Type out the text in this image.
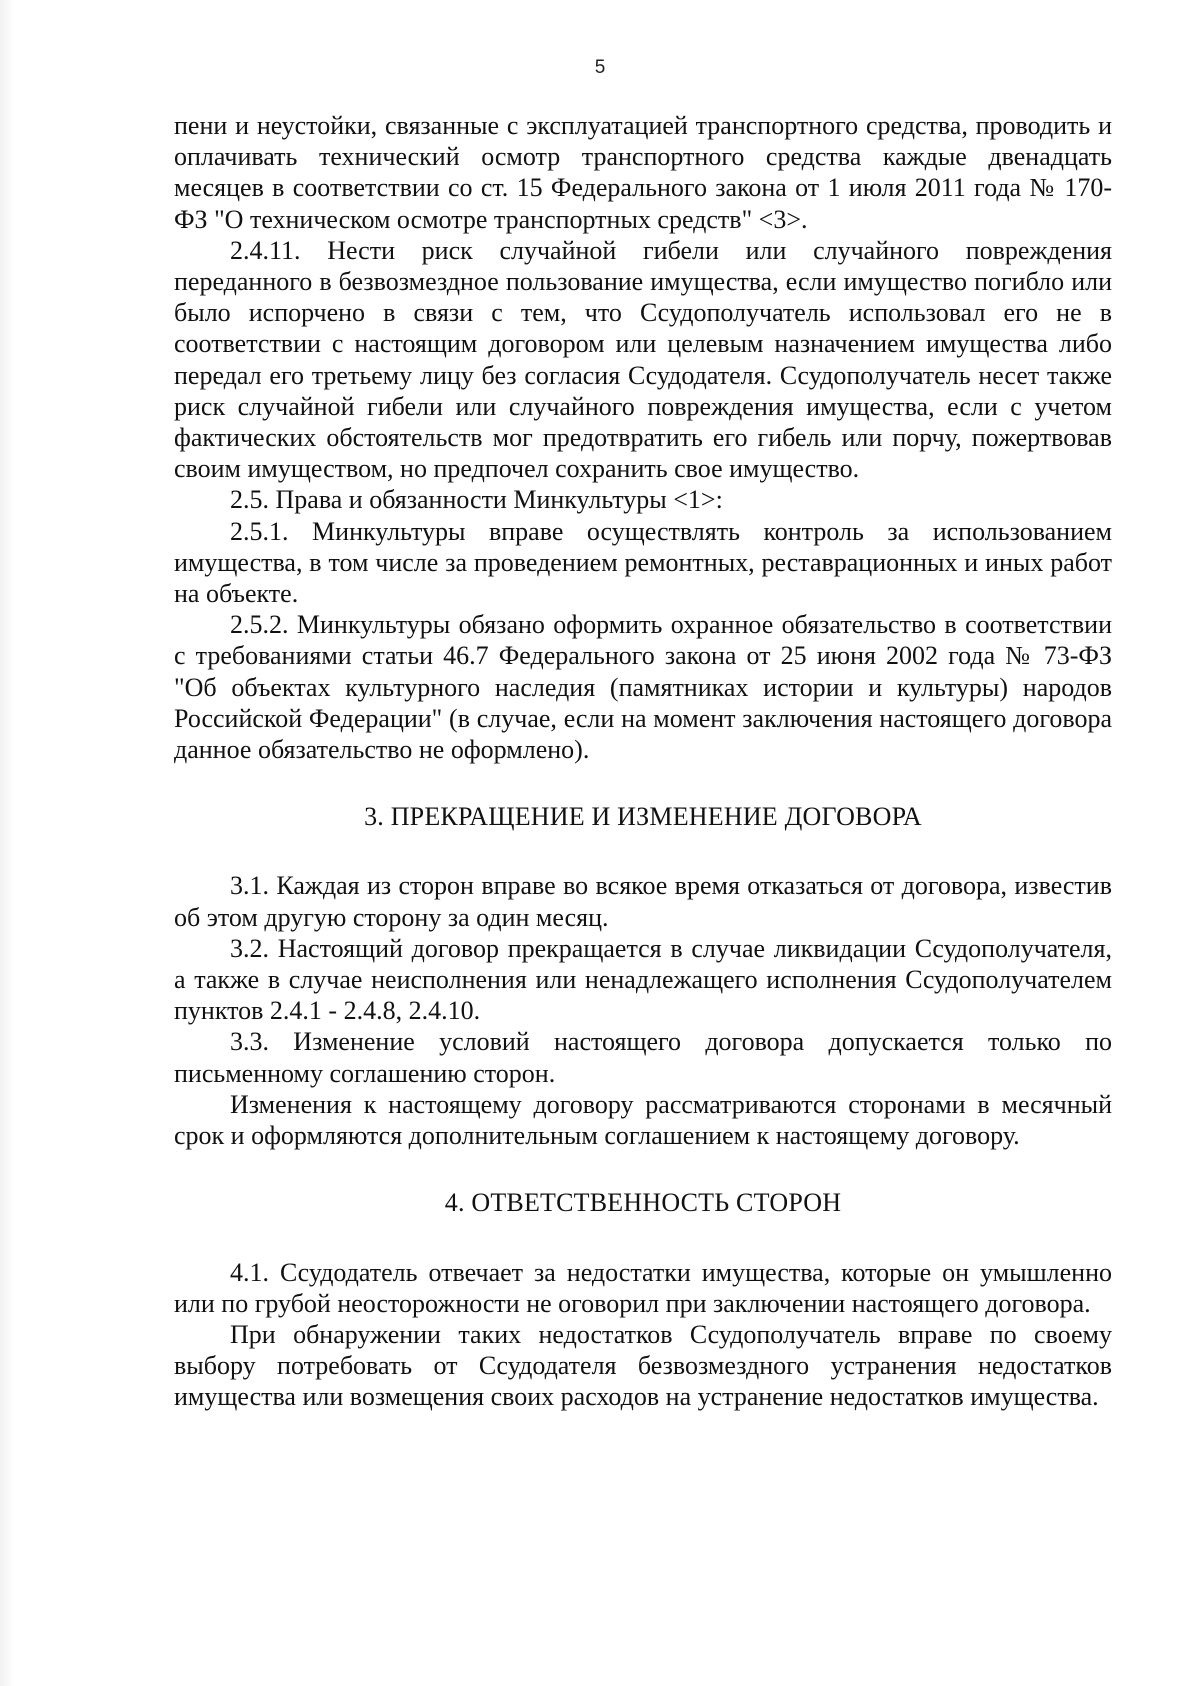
5

пени и неустойки, связанные с эксплуатацией транспортного средства, проводить и оплачивать технический осмотр транспортного средства каждые двенадцать месяцев в соответствии со ст. 15 Федерального закона от 1 июля 2011 года № 170-ФЗ "О техническом осмотре транспортных средств" <3>.

2.4.11. Нести риск случайной гибели или случайного повреждения переданного в безвозмездное пользование имущества, если имущество погибло или было испорчено в связи с тем, что Ссудополучатель использовал его не в соответствии с настоящим договором или целевым назначением имущества либо передал его третьему лицу без согласия Ссудодателя. Ссудополучатель несет также риск случайной гибели или случайного повреждения имущества, если с учетом фактических обстоятельств мог предотвратить его гибель или порчу, пожертвовав своим имуществом, но предпочел сохранить свое имущество.

2.5. Права и обязанности Минкультуры <1>:

2.5.1. Минкультуры вправе осуществлять контроль за использованием имущества, в том числе за проведением ремонтных, реставрационных и иных работ на объекте.

2.5.2. Минкультуры обязано оформить охранное обязательство в соответствии с требованиями статьи 46.7 Федерального закона от 25 июня 2002 года № 73-ФЗ "Об объектах культурного наследия (памятниках истории и культуры) народов Российской Федерации" (в случае, если на момент заключения настоящего договора данное обязательство не оформлено).

3. ПРЕКРАЩЕНИЕ И ИЗМЕНЕНИЕ ДОГОВОРА

3.1. Каждая из сторон вправе во всякое время отказаться от договора, известив об этом другую сторону за один месяц.

3.2. Настоящий договор прекращается в случае ликвидации Ссудополучателя, а также в случае неисполнения или ненадлежащего исполнения Ссудополучателем пунктов 2.4.1 - 2.4.8, 2.4.10.

3.3. Изменение условий настоящего договора допускается только по письменному соглашению сторон.

Изменения к настоящему договору рассматриваются сторонами в месячный срок и оформляются дополнительным соглашением к настоящему договору.

4. ОТВЕТСТВЕННОСТЬ СТОРОН

4.1. Ссудодатель отвечает за недостатки имущества, которые он умышленно или по грубой неосторожности не оговорил при заключении настоящего договора.

При обнаружении таких недостатков Ссудополучатель вправе по своему выбору потребовать от Ссудодателя безвозмездного устранения недостатков имущества или возмещения своих расходов на устранение недостатков имущества.
